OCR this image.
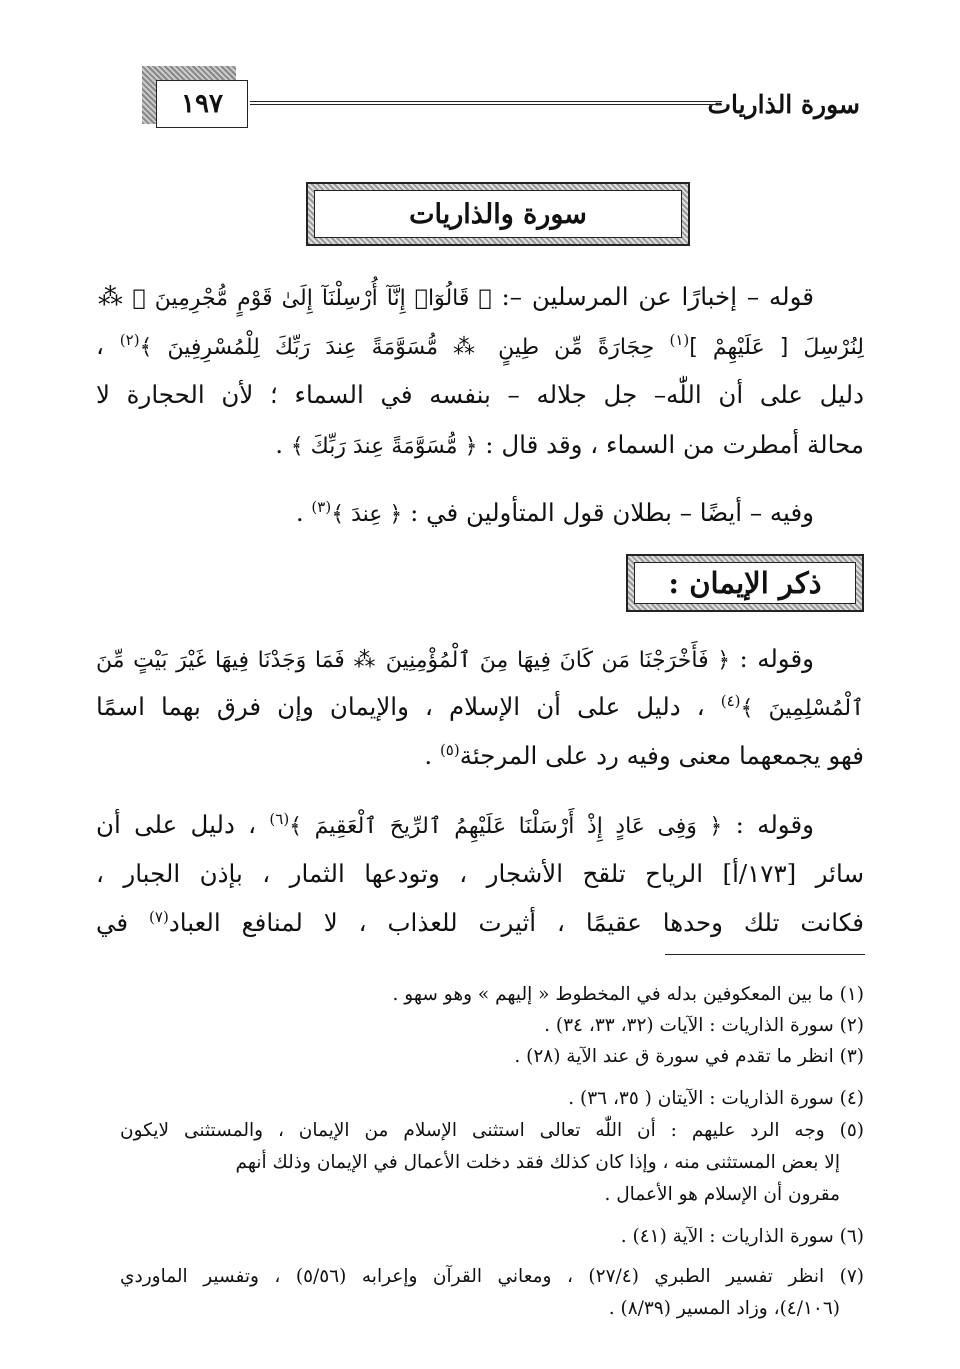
سورة الذاريات
١٩٧
سورة والذاريات
قوله – إخبارًا عن المرسلين –: ﴿ قَالُوٓا۟ إِنَّآ أُرْسِلْنَآ إِلَىٰ قَوْمٍ مُّجْرِمِينَ ﴾ ⁂
لِنُرْسِلَ [ عَلَيْهِمْ ]$^{(١)}$ حِجَارَةً مِّن طِينٍ ⁂ مُّسَوَّمَةً عِندَ رَبِّكَ لِلْمُسْرِفِينَ ﴾$^{(٢)}$ ،
دليل على أن اللّٰه– جل جلاله – بنفسه في السماء ؛ لأن الحجارة لا
محالة أمطرت من السماء ، وقد قال : ﴿ مُّسَوَّمَةً عِندَ رَبِّكَ ﴾ .
وفيه – أيضًا – بطلان قول المتأولين في : ﴿ عِندَ ﴾$^{(٣)}$ .
ذكر الإيمان :
وقوله : ﴿ فَأَخْرَجْنَا مَن كَانَ فِيهَا مِنَ ٱلْمُؤْمِنِينَ ⁂ فَمَا وَجَدْنَا فِيهَا غَيْرَ بَيْتٍ مِّنَ
ٱلْمُسْلِمِينَ ﴾$^{(٤)}$ ، دليل على أن الإسلام ، والإيمان وإن فرق بهما اسمًا
فهو يجمعهما معنى وفيه رد على المرجئة$^{(٥)}$ .
وقوله : ﴿ وَفِى عَادٍ إِذْ أَرْسَلْنَا عَلَيْهِمُ ٱلرِّيحَ ٱلْعَقِيمَ ﴾$^{(٦)}$ ، دليل على أن
سائر [١٧٣/أ] الرياح تلقح الأشجار ، وتودعها الثمار ، بإذن الجبار ،
فكانت تلك وحدها عقيمًا ، أثيرت للعذاب ، لا لمنافع العباد$^{(٧)}$ في
(١) ما بين المعكوفين بدله في المخطوط « إليهم » وهو سهو .
(٢) سورة الذاريات : الآيات (٣٢، ٣٣، ٣٤) .
(٣) انظر ما تقدم في سورة ق عند الآية (٢٨) .
(٤) سورة الذاريات : الآيتان ( ٣٥، ٣٦) .
(٥) وجه الرد عليهم : أن اللّٰه تعالى استثنى الإسلام من الإيمان ، والمستثنى لايكون
إلا بعض المستثنى منه ، وإذا كان كذلك فقد دخلت الأعمال في الإيمان وذلك أنهم
مقرون أن الإسلام هو الأعمال .
(٦) سورة الذاريات : الآية (٤١) .
(٧) انظر تفسير الطبري (٢٧/٤) ، ومعاني القرآن وإعرابه (٥/٥٦) ، وتفسير الماوردي
(٤/١٠٦)، وزاد المسير (٨/٣٩) .
